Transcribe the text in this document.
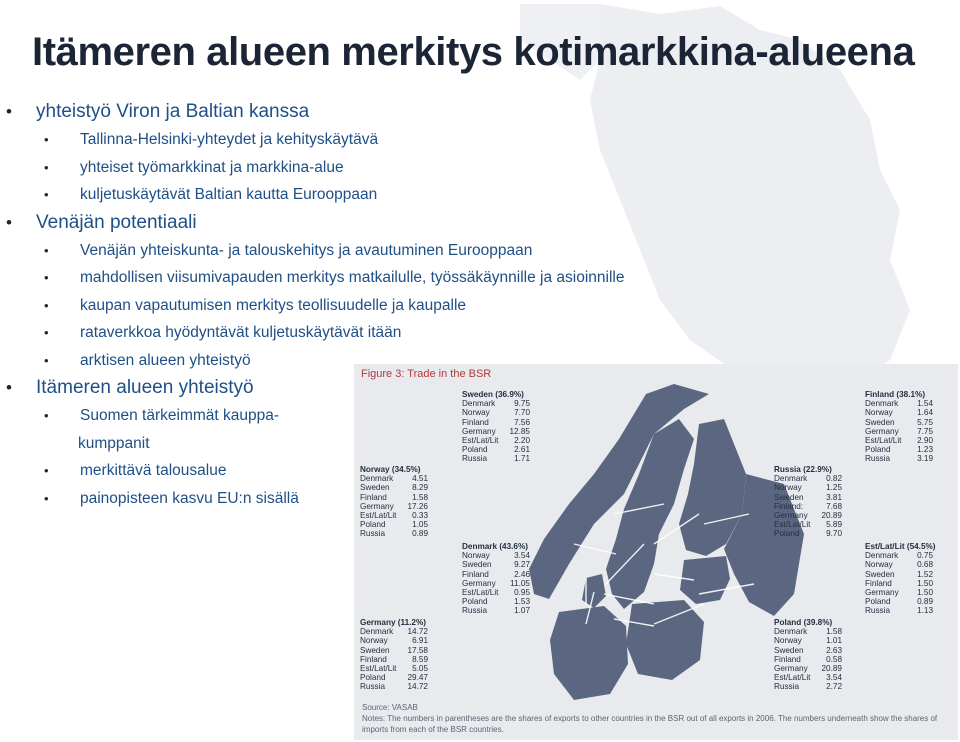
Itämeren alueen merkitys kotimarkkina-alueena
• yhteistyö Viron ja Baltian kanssa
• Tallinna-Helsinki-yhteydet ja kehityskäytävä
• yhteiset työmarkkinat ja markkina-alue
• kuljetuskäytävät Baltian kautta Eurooppaan
• Venäjän potentiaali
• Venäjän yhteiskunta- ja talouskehitys ja avautuminen Eurooppaan
• mahdollisen viisumivapauden merkitys matkailulle, työssäkäynnille ja asioinnille
• kaupan vapautumisen merkitys teollisuudelle ja kaupalle
• rataverkkoa hyödyntävät kuljetuskäytävät itään
• arktisen alueen yhteistyö
• Itämeren alueen yhteistyö
• Suomen tärkeimmät kauppa-
kumppanit
• merkittävä talousalue
• painopisteen kasvu EU:n sisällä
Figure 3: Trade in the BSR
Sweden (36.9%)
Denmark	9.75
Norway	7.70
Finland	7.56
Germany	12.85
Est/Lat/Lit	2.20
Poland	2.61
Russia	1.71
Finland (38.1%)
Denmark	1.54
Norway	1.64
Sweden	5.75
Germany	7.75
Est/Lat/Lit	2.90
Poland	1.23
Russia	3.19
Norway (34.5%)
Denmark	4.51
Sweden	8.29
Finland	1.58
Germany	17.26
Est/Lat/Lit	0.33
Poland	1.05
Russia	0.89
Russia (22.9%)
Denmark	0.82
Norway	1.25
Sweden	3.81
Finland:	7.68
Germany	20.89
Est/Lat/Lit	5.89
Poland	9.70
Denmark (43.6%)
Norway	3.54
Sweden	9.27
Finland	2.46
Germany	11.05
Est/Lat/Lit	0.95
Poland	1.53
Russia	1.07
Est/Lat/Lit (54.5%)
Denmark	0.75
Norway	0.68
Sweden	1.52
Finland	1.50
Germany	1.50
Poland	0.89
Russia	1.13
Germany (11.2%)
Denmark	14.72
Norway	6.91
Sweden	17.58
Finland	8.59
Est/Lat/Lit	5.05
Poland	29.47
Russia	14.72
Poland (39.8%)
Denmark	1.58
Norway	1.01
Sweden	2.63
Finland	0.58
Germany	20.89
Est/Lat/Lit	3.54
Russia	2.72
Source: VASAB
Notes: The numbers in parentheses are the shares of exports to other countries in the BSR out of all exports in 2006. The numbers underneath show the shares of imports from each of the BSR countries.
